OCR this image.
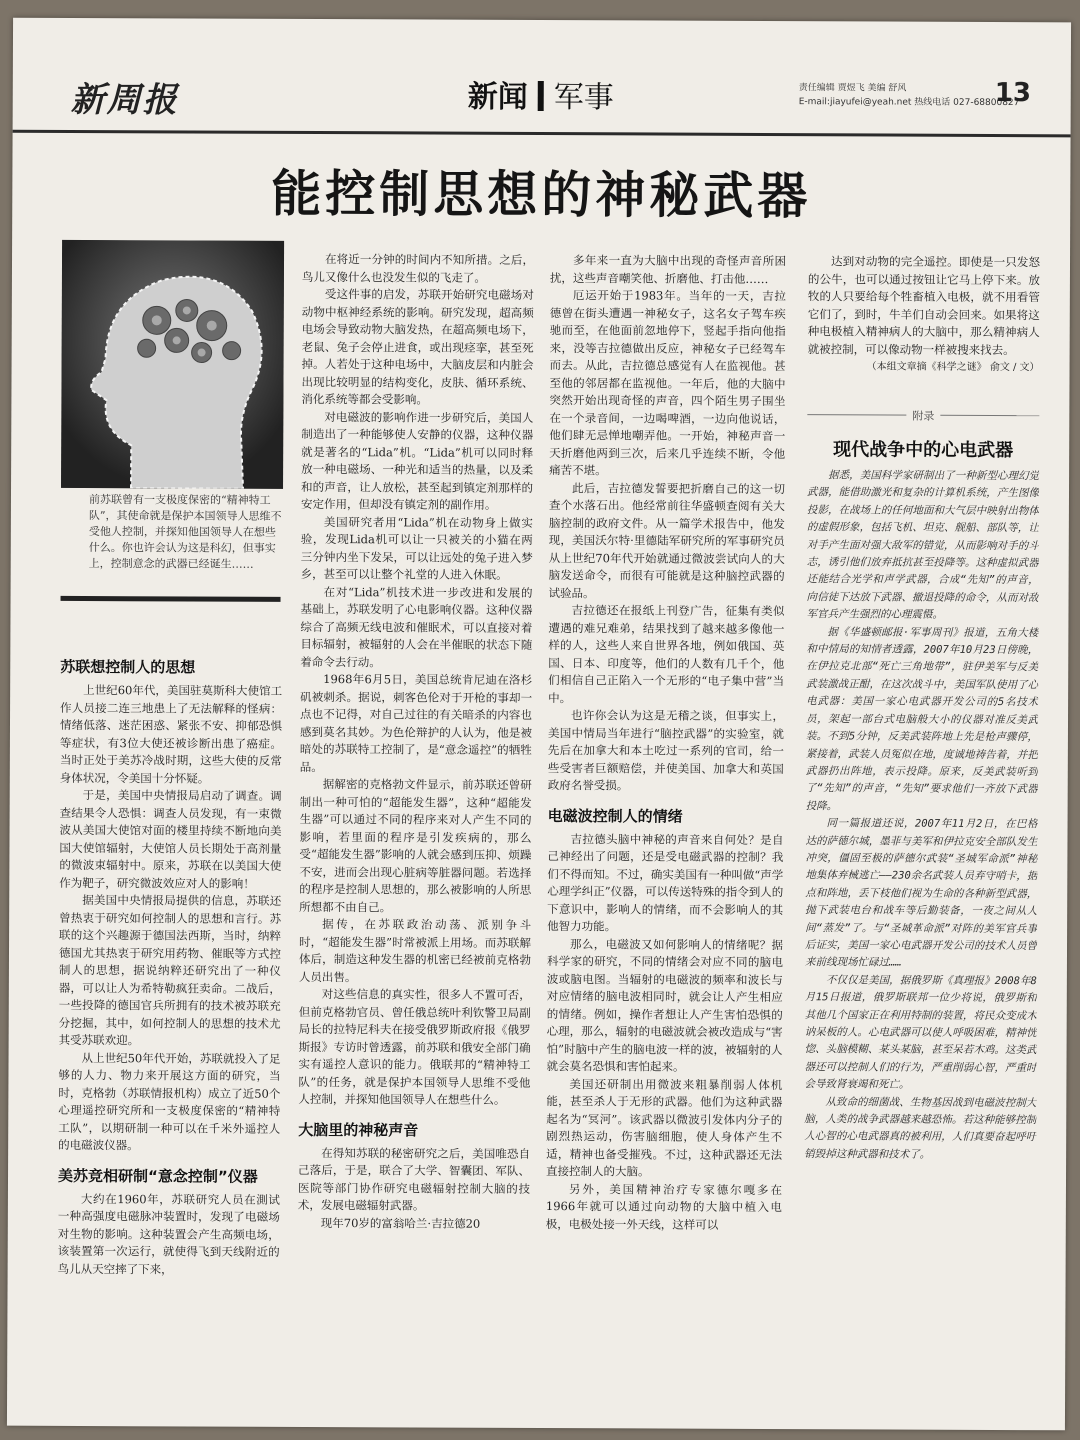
新周报	新闻 军事	责任编辑 贾煜飞 美编 舒风
E-mail:jiayufei@yeah.net 热线电话 027-68800827
13
能控制思想的神秘武器
前苏联曾有一支极度保密的“精神特工队”，其使命就是保护本国领导人思维不受他人控制，并探知他国领导人在想些什么。你也许会认为这是科幻，但事实上，控制意念的武器已经诞生……

苏联想控制人的思想

上世纪60年代，美国驻莫斯科大使馆工作人员接二连三地患上了无法解释的怪病：情绪低落、迷茫困惑、紧张不安、抑郁恐惧等症状，有3位大使还被诊断出患了癌症。当时正处于美苏冷战时期，这些大使的反常身体状况，令美国十分怀疑。

于是，美国中央情报局启动了调查。调查结果令人恐惧：调查人员发现，有一束微波从美国大使馆对面的楼里持续不断地向美国大使馆辐射，大使馆人员长期处于高剂量的微波束辐射中。原来，苏联在以美国大使作为靶子，研究微波效应对人的影响！

据美国中央情报局提供的信息，苏联还曾热衷于研究如何控制人的思想和言行。苏联的这个兴趣源于德国法西斯，当时，纳粹德国尤其热衷于研究用药物、催眠等方式控制人的思想，据说纳粹还研究出了一种仪器，可以让人为希特勒疯狂卖命。二战后，一些投降的德国官兵所拥有的技术被苏联充分挖掘，其中，如何控制人的思想的技术尤其受苏联欢迎。

从上世纪50年代开始，苏联就投入了足够的人力、物力来开展这方面的研究，当时，克格勃（苏联情报机构）成立了近50个心理遥控研究所和一支极度保密的“精神特工队”，以期研制一种可以在千米外遥控人的电磁波仪器。

美苏竞相研制“意念控制”仪器

大约在1960年，苏联研究人员在測试一种高强度电磁脉冲装置时，发现了电磁场对生物的影响。这种装置会产生高频电场，该装置第一次运行，就使得飞到天线附近的鸟儿从天空摔了下来，

在将近一分钟的时间内不知所措。之后，鸟儿又像什么也没发生似的飞走了。

受这件事的启发，苏联开始研究电磁场对动物中枢神经系统的影响。研究发现，超高频电场会导致动物大脑发热，在超高频电场下，老鼠、兔子会停止进食，或出现痉挛，甚至死掉。人若处于这种电场中，大脑皮层和内脏会出现比较明显的结构变化，皮肤、循环系统、消化系统等都会受影响。

对电磁波的影响作进一步研究后，美国人制造出了一种能够使人安静的仪器，这种仪器就是著名的“Lida”机。“Lida”机可以同时释放一种电磁场、一种光和适当的热量，以及柔和的声音，让人放松，甚至起到镇定剂那样的安定作用，但却没有镇定剂的副作用。

美国研究者用“Lida”机在动物身上做实验，发现Lida机可以让一只被关的小猫在两三分钟内坐下发呆，可以让远处的兔子进入梦乡，甚至可以让整个礼堂的人进入休眠。

在对“Lida”机技术进一步改进和发展的基础上，苏联发明了心电影响仪器。这种仪器综合了高频无线电波和催眠术，可以直接对着目标辐射，被辐射的人会在半催眠的状态下随着命令去行动。

1968年6月5日，美国总统肯尼迪在洛杉矶被刺杀。据说，刺客色伦对于开枪的事却一点也不记得，对自己过往的有关暗杀的内容也感到莫名其妙。为色伦辩护的人认为，他是被暗处的苏联特工控制了，是“意念遥控”的牺牲品。

据解密的克格勃文件显示，前苏联还曾研制出一种可怕的“超能发生器”，这种“超能发生器”可以通过不同的程序来对人产生不同的影响，若里面的程序是引发疾病的，那么受“超能发生器”影响的人就会感到压抑、烦躁不安，进而会出现心脏病等脏器问题。若选择的程序是控制人思想的，那么被影响的人所思所想都不由自己。

据传，在苏联政治动荡、派别争斗时，“超能发生器”时常被派上用场。而苏联解体后，制造这种发生器的机密已经被前克格勃人员出售。

对这些信息的真实性，很多人不置可否，但前克格勃官员、曾任俄总统叶利钦警卫局副局长的拉特尼科夫在接受俄罗斯政府报《俄罗斯报》专访时曾透露，前苏联和俄安全部门确实有遥控人意识的能力。俄联邦的“精神特工队”的任务，就是保护本国领导人思维不受他人控制，并探知他国领导人在想些什么。

大脑里的神秘声音

在得知苏联的秘密研究之后，美国唯恐自己落后，于是，联合了大学、智囊团、军队、医院等部门协作研究电磁辐射控制大脑的技术，发展电磁辐射武器。

现年70岁的富翁哈兰·吉拉德20

多年来一直为大脑中出现的奇怪声音所困扰，这些声音嘲笑他、折磨他、打击他……

厄运开始于1983年。当年的一天，吉拉德曾在街头遭遇一神秘女子，这名女子驾车疾驰而至，在他面前忽地停下，竖起手指向他指来，没等吉拉德做出反应，神秘女子已经驾车而去。从此，吉拉德总感觉有人在监视他。甚至他的邻居都在监视他。一年后，他的大脑中突然开始出现奇怪的声音，四个陌生男子围坐在一个录音间，一边喝啤酒，一边向他说话，他们肆无忌惮地嘲弄他。一开始，神秘声音一天折磨他两到三次，后来几乎连续不断，令他痛苦不堪。

此后，吉拉德发誓要把折磨自己的这一切查个水落石出。他经常前往华盛顿查阅有关大脑控制的政府文件。从一篇学术报告中，他发现，美国沃尔特·里德陆军研究所的军事研究员从上世纪70年代开始就通过微波尝试向人的大脑发送命令，而很有可能就是这种脑控武器的试验品。

吉拉德还在报纸上刊登广告，征集有类似遭遇的难兄难弟，结果找到了越来越多像他一样的人，这些人来自世界各地，例如俄国、英国、日本、印度等，他们的人数有几千个，他们相信自己正陷入一个无形的“电子集中营”当中。

也许你会认为这是无稽之谈，但事实上，美国中情局当年进行“脑控武器”的实验室，就先后在加拿大和本土吃过一系列的官司，给一些受害者巨额赔偿，并使美国、加拿大和英国政府名誉受损。

电磁波控制人的情绪

吉拉德头脑中神秘的声音来自何处？是自己神经出了问题，还是受电磁武器的控制？我们不得而知。不过，确实美国有一种叫做“声学心理学纠正”仪器，可以传送特殊的指令到人的下意识中，影响人的情绪，而不会影响人的其他智力功能。

那么，电磁波又如何影响人的情绪呢？据科学家的研究，不同的情绪会对应不同的脑电波或脑电图。当辐射的电磁波的频率和波长与对应情绪的脑电波相同时，就会让人产生相应的情绪。例如，操作者想让人产生害怕恐惧的心理，那么，辐射的电磁波就会被改造成与“害怕”时脑中产生的脑电波一样的波，被辐射的人就会莫名恐惧和害怕起来。

美国还研制出用微波来粗暴削弱人体机能，甚至杀人于无形的武器。他们为这种武器起名为“冥河”。该武器以微波引发体内分子的剧烈热运动，伤害脑细胞，使人身体产生不适，精神也备受摧残。不过，这种武器还无法直接控制人的大脑。

另外，美国精神治疗专家德尔嘎多在1966年就可以通过向动物的大脑中植入电极，电极处接一外天线，这样可以

达到对动物的完全遥控。即使是一只发怒的公牛，也可以通过按钮让它马上停下来。放牧的人只要给每个牲畜植入电极，就不用看管它们了，到时，牛羊们自动会回来。如果将这种电极植入精神病人的大脑中，那么精神病人就被控制，可以像动物一样被搜来找去。

（本组文章摘《科学之谜》 俞文 / 文）

附录
现代战争中的心电武器

据悉，美国科学家研制出了一种新型心理幻觉武器，能借助激光和复杂的计算机系统，产生图像投影，在战场上的任何地面和大气层中映射出物体的虚假形象，包括飞机、坦克、舰船、部队等，让对手产生面对强大敌军的错觉，从而影响对手的斗志，诱引他们放弃抵抗甚至投降等。这种虚拟武器还能结合光学和声学武器，合成“先知”的声音，向信徒下达放下武器、撤退投降的命令，从而对敌军官兵产生强烈的心理震慑。

据《华盛顿邮报·军事周刊》报道，五角大楼和中情局的知情者透露，2007年10月23日傍晚，在伊拉克北部“死亡三角地带”，驻伊美军与反美武装激战正酣，在这次战斗中，美国军队使用了心电武器：美国一家心电武器开发公司的5名技术员，架起一部台式电脑般大小的仪器对准反美武装。不到5分钟，反美武装阵地上先是枪声骤停，紧接着，武装人员冤似在地，度诚地祷告着，并把武器扔出阵地，表示投降。原来，反美武装听到了“先知”的声音，“先知”要求他们一齐放下武器投降。

同一篇报道还说，2007年11月2日，在巴格达的萨德尔城，墨菲与美军和伊拉克安全部队发生冲突，僵固至极的萨德尔武装“圣城军命派”神秘地集体弃械逃亡——230余名武装人员弃守哨卡，据点和阵地，丢下枝他们视为生命的各种新型武器，抛下武装电台和战车等后勤装备，一夜之间从人间“蒸发”了。与“圣城革命派”对阵的美军官兵事后证实，美国一家心电武器开发公司的技术人员曾来前线现场忙碌过……

不仅仅是美国，据俄罗斯《真理报》2008年8月15日报道，俄罗斯联邦一位少将说，俄罗斯和其他几个国家正在利用特制的装置，将民众变成木讷呆板的人。心电武器可以使人呼吸困难，精神恍惚、头脑模糊、某头某脑，甚至呆若木鸡。这类武器还可以控制人们的行为，严重削弱心智，严重时会导致肾衰竭和死亡。

从致命的细菌战、生物基因战到电磁波控制大脑，人类的战争武器越来越恐怖。若这种能够控制人心智的心电武器真的被利用，人们真要奋起呼吁销毁掉这种武器和技术了。
